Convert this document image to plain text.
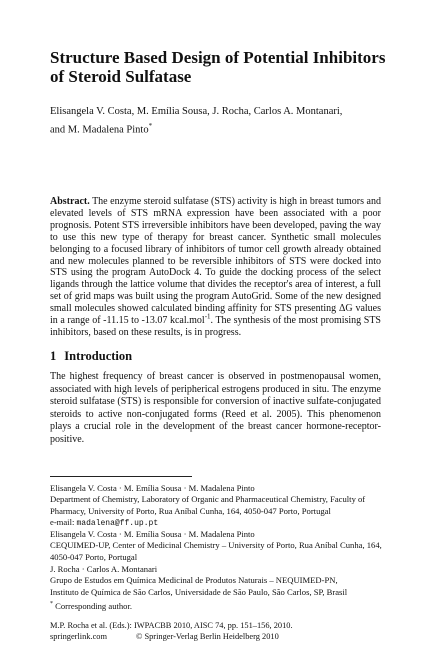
Structure Based Design of Potential Inhibitors
of Steroid Sulfatase
Elisangela V. Costa, M. Emília Sousa, J. Rocha, Carlos A. Montanari,
and M. Madalena Pinto*
Abstract. The enzyme steroid sulfatase (STS) activity is high in breast tumors and elevated levels of STS mRNA expression have been associated with a poor prognosis. Potent STS irreversible inhibitors have been developed, paving the way to use this new type of therapy for breast cancer. Synthetic small molecules belonging to a focused library of inhibitors of tumor cell growth already obtained and new molecules planned to be reversible inhibitors of STS were docked into STS using the program AutoDock 4. To guide the docking process of the select ligands through the lattice volume that divides the receptor's area of interest, a full set of grid maps was built using the program AutoGrid. Some of the new designed small molecules showed calculated binding affinity for STS presenting ΔG values in a range of -11.15 to -13.07 kcal.mol$^{-1}$. The synthesis of the most promising STS inhibitors, based on these results, is in progress.
1 Introduction
The highest frequency of breast cancer is observed in postmenopausal women, associated with high levels of peripherical estrogens produced in situ. The enzyme steroid sulfatase (STS) is responsible for conversion of inactive sulfate-conjugated steroids to active non-conjugated forms (Reed et al. 2005). This phenomenon plays a crucial role in the development of the breast cancer hormone-receptor-positive.
Elisangela V. Costa · M. Emília Sousa · M. Madalena Pinto
Department of Chemistry, Laboratory of Organic and Pharmaceutical Chemistry, Faculty of Pharmacy, University of Porto, Rua Aníbal Cunha, 164, 4050-047 Porto, Portugal
e-mail: madalena@ff.up.pt
Elisangela V. Costa · M. Emília Sousa · M. Madalena Pinto
CEQUIMED-UP, Center of Medicinal Chemistry – University of Porto, Rua Aníbal Cunha, 164, 4050-047 Porto, Portugal
J. Rocha · Carlos A. Montanari
Grupo de Estudos em Química Medicinal de Produtos Naturais – NEQUIMED-PN,
Instituto de Química de São Carlos, Universidade de São Paulo, São Carlos, SP, Brasil
* Corresponding author.
M.P. Rocha et al. (Eds.): IWPACBB 2010, AISC 74, pp. 151–156, 2010.
springerlink.com	© Springer-Verlag Berlin Heidelberg 2010
